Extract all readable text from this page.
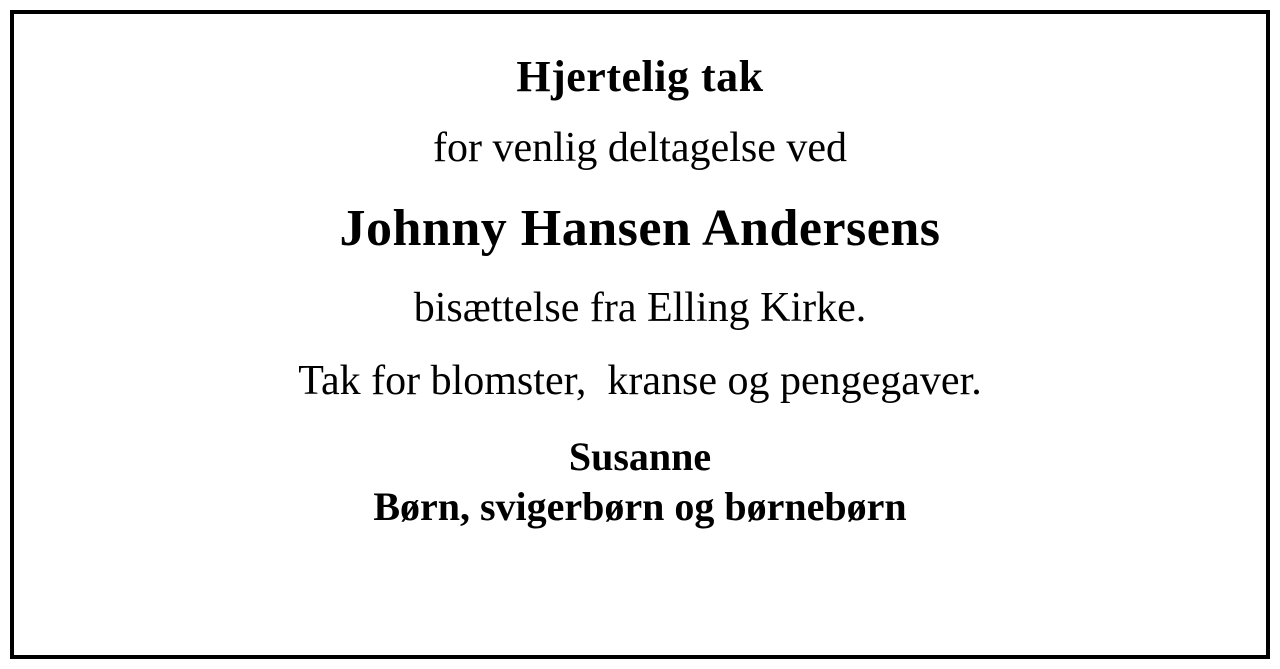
Hjertelig tak
for venlig deltagelse ved
Johnny Hansen Andersens
bisættelse fra Elling Kirke.
Tak for blomster,  kranse og pengegaver.
Susanne
Børn, svigerbørn og børnebørn
